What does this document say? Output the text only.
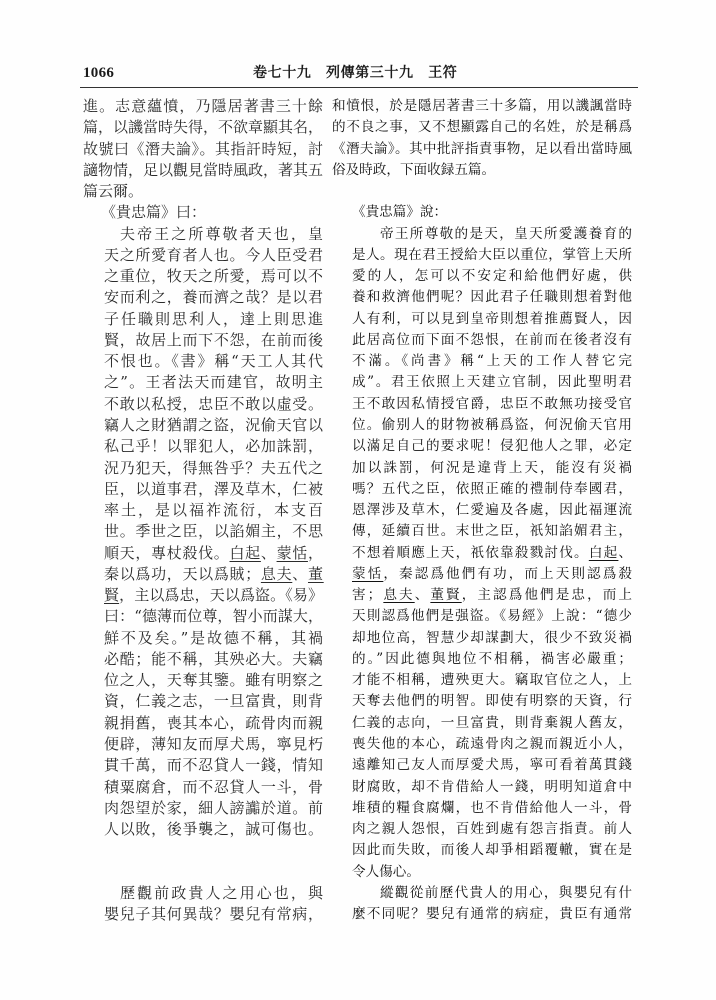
1066	卷七十九　列傳第三十九　王符
進。志意蘊憤，乃隱居著書三十餘
篇，以譏當時失得，不欲章顯其名，
故號曰《潛夫論》。其指訐時短，討
讁物情，足以觀見當時風政，著其五
篇云爾。
《貴忠篇》曰：
夫帝王之所尊敬者天也，皇
天之所愛育者人也。今人臣受君
之重位，牧天之所愛，焉可以不
安而利之，養而濟之哉？是以君
子任職則思利人，達上則思進
賢，故居上而下不怨，在前而後
不恨也。《書》稱“天工人其代
之”。王者法天而建官，故明主
不敢以私授，忠臣不敢以虛受。
竊人之財猶謂之盜，況偷天官以
私己乎！以罪犯人，必加誅罰，
況乃犯天，得無咎乎？夫五代之
臣，以道事君，澤及草木，仁被
率土，是以福祚流衍，本支百
世。季世之臣，以諂媚主，不思
順天，專杖殺伐。白起、蒙恬，
秦以爲功，天以爲賊；息夫、董
賢，主以爲忠，天以爲盜。《易》
曰：“德薄而位尊，智小而謀大，
鮮不及矣。”是故德不稱，其禍
必酷；能不稱，其殃必大。夫竊
位之人，天奪其鑒。雖有明察之
資，仁義之志，一旦富貴，則背
親捐舊，喪其本心，疏骨肉而親
便辟，薄知友而厚犬馬，寧見朽
貫千萬，而不忍貸人一錢，情知
積粟腐倉，而不忍貸人一斗，骨
肉怨望於家，細人謗讟於道。前
人以敗，後爭襲之，誠可傷也。
歷觀前政貴人之用心也，與
嬰兒子其何異哉？嬰兒有常病，
和憤恨，於是隱居著書三十多篇，用以譏諷當時
的不良之事，又不想顯露自己的名姓，於是稱爲
《潛夫論》。其中批評指責事物，足以看出當時風
俗及時政，下面收録五篇。
《貴忠篇》說：
帝王所尊敬的是天，皇天所愛護養育的
是人。現在君王授給大臣以重位，掌管上天所
愛的人，怎可以不安定和給他們好處，供
養和救濟他們呢？因此君子任職則想着對他
人有利，可以見到皇帝則想着推薦賢人，因
此居高位而下面不怨恨，在前而在後者沒有
不滿。《尚書》稱“上天的工作人替它完
成”。君王依照上天建立官制，因此聖明君
王不敢因私情授官爵，忠臣不敢無功接受官
位。偷别人的財物被稱爲盜，何況偷天官用
以滿足自己的要求呢！侵犯他人之罪，必定
加以誅罰，何況是違背上天，能沒有災禍
嗎？五代之臣，依照正確的禮制侍奉國君，
恩澤涉及草木，仁愛遍及各處，因此福運流
傳，延續百世。末世之臣，祇知諂媚君主，
不想着順應上天，祇依靠殺戮討伐。白起、
蒙恬，秦認爲他們有功，而上天則認爲殺
害；息夫、董賢，主認爲他們是忠，而上
天則認爲他們是强盜。《易經》上說：“德少
却地位高，智慧少却謀劃大，很少不致災禍
的。”因此德與地位不相稱，禍害必嚴重；
才能不相稱，遭殃更大。竊取官位之人，上
天奪去他們的明智。即使有明察的天資，行
仁義的志向，一旦富貴，則背棄親人舊友，
喪失他的本心，疏遠骨肉之親而親近小人，
遠離知己友人而厚愛犬馬，寧可看着萬貫錢
財腐敗，却不肯借給人一錢，明明知道倉中
堆積的糧食腐爛，也不肯借給他人一斗，骨
肉之親人怨恨，百姓到處有怨言指責。前人
因此而失敗，而後人却爭相蹈覆轍，實在是
令人傷心。
縱觀從前歷代貴人的用心，與嬰兒有什
麼不同呢？嬰兒有通常的病症，貴臣有通常
